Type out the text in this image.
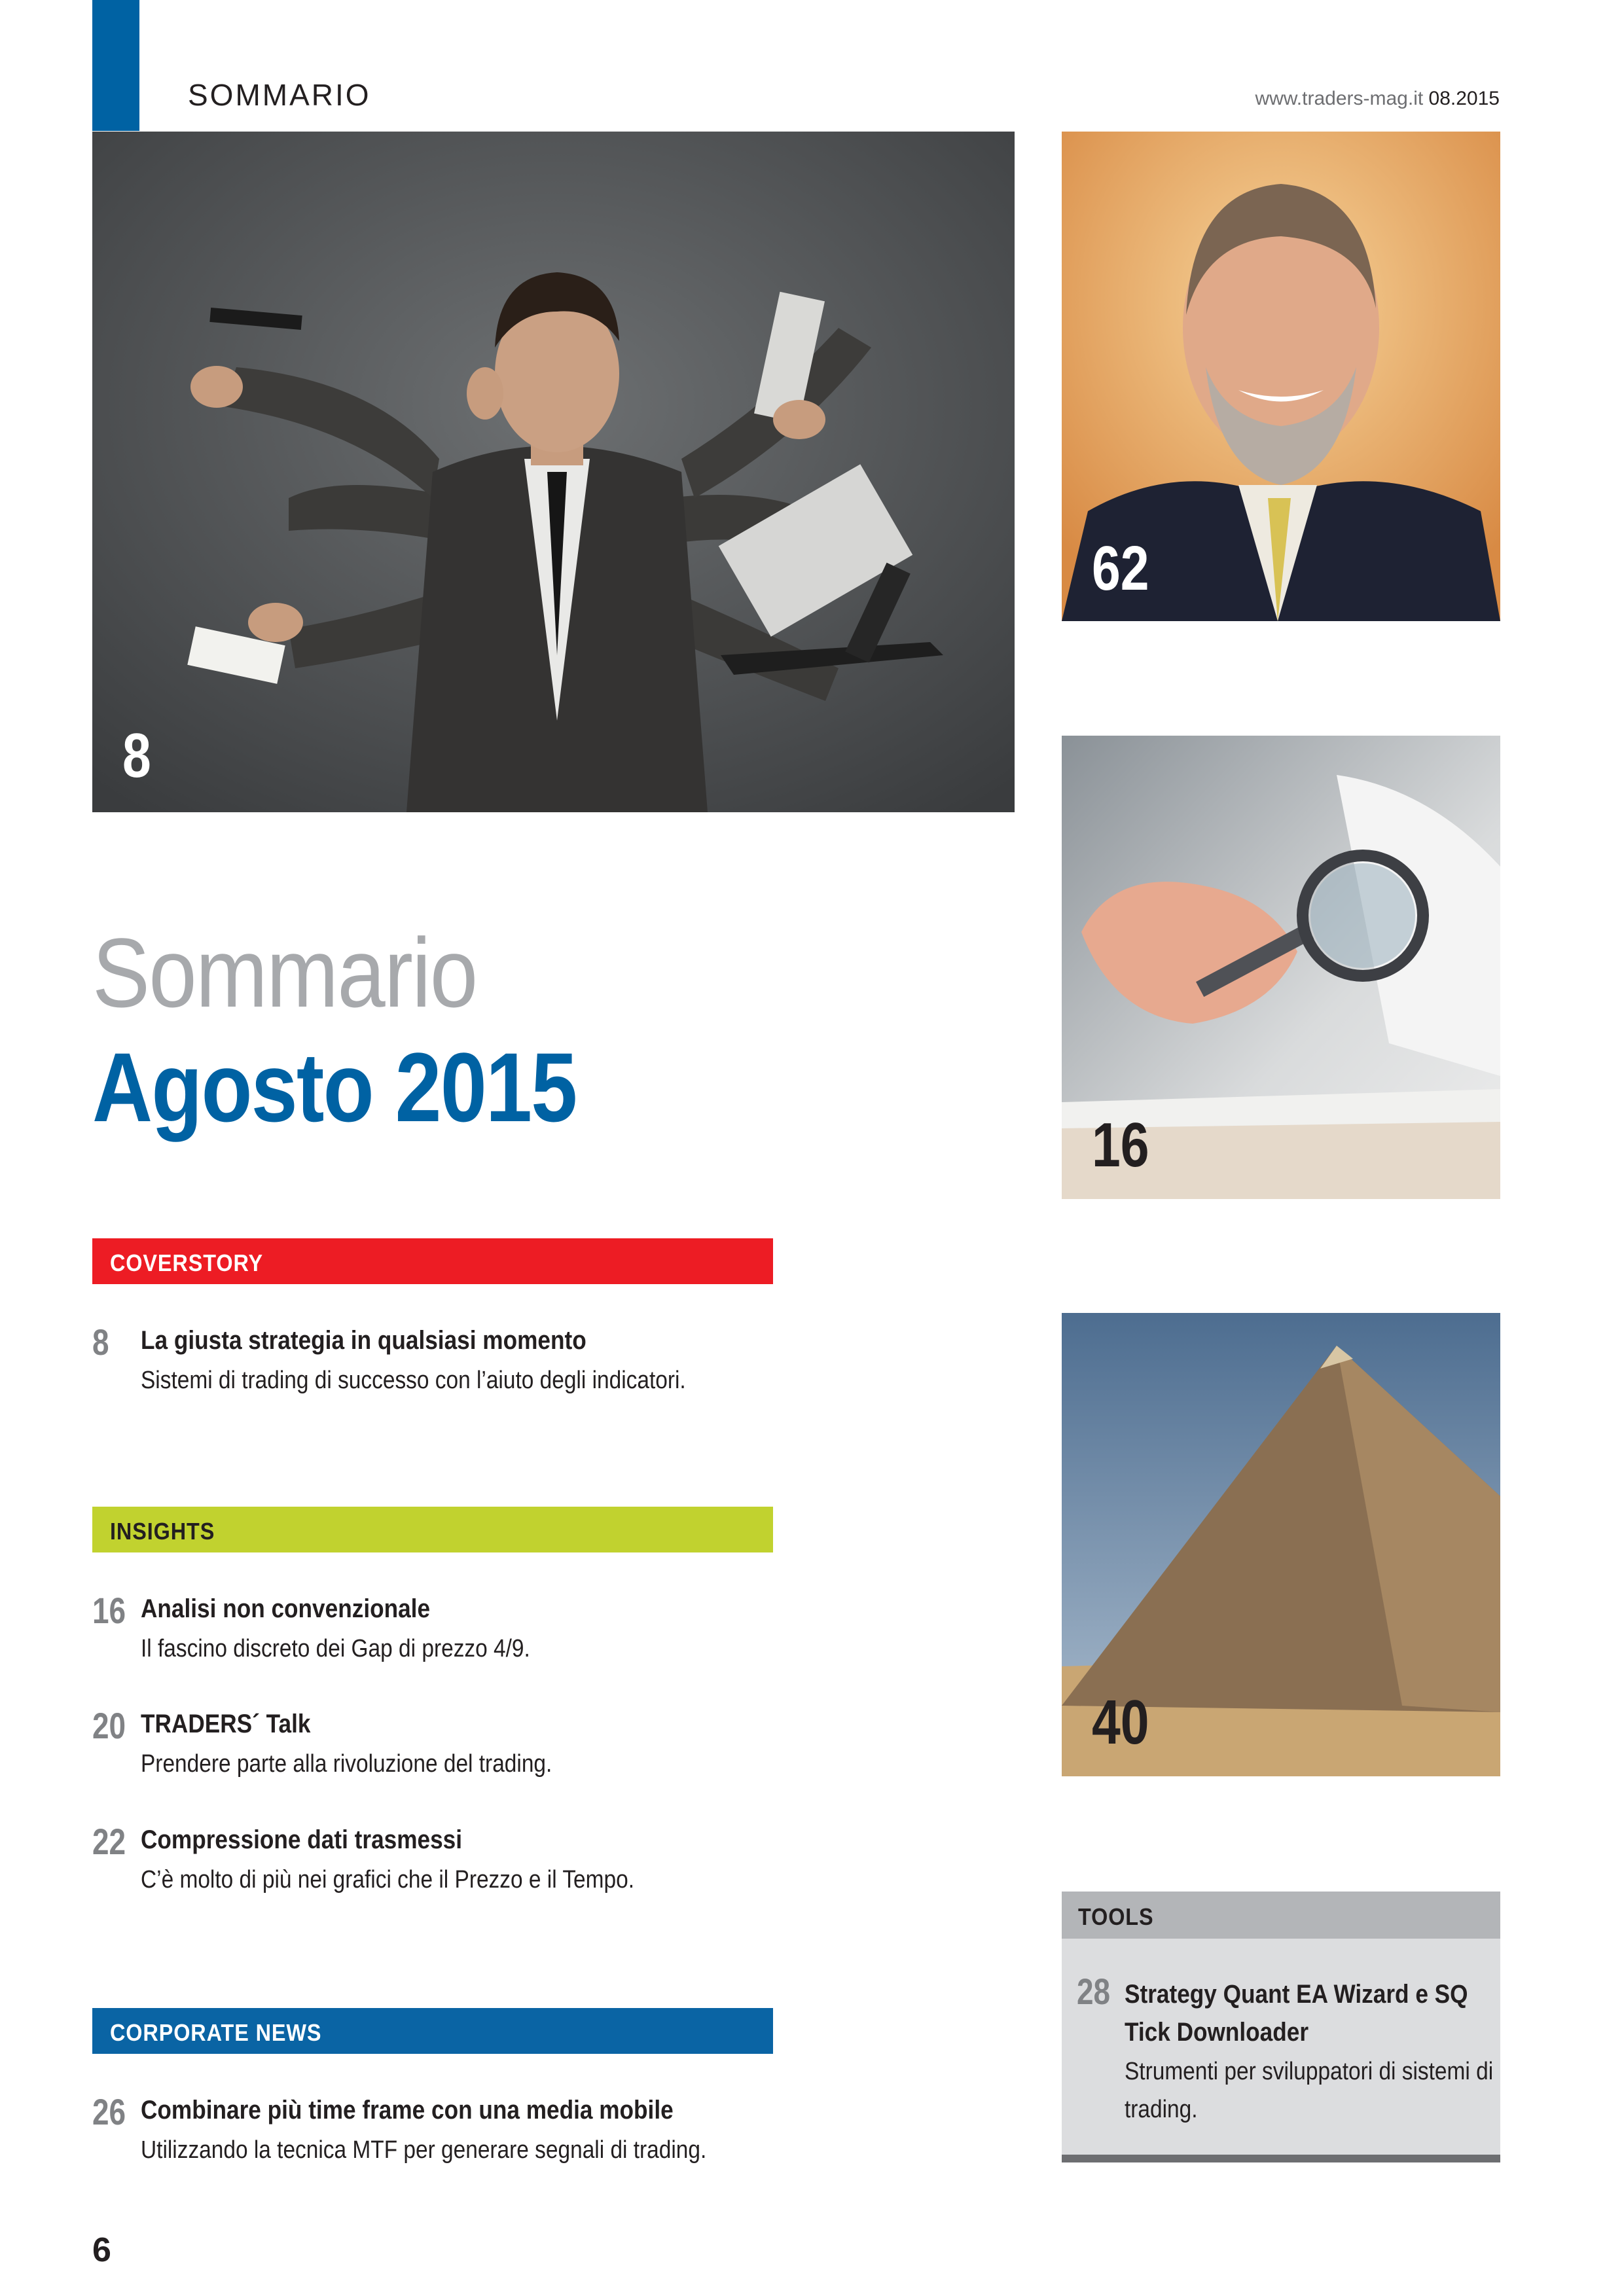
SOMMARIO	www.traders-mag.it 08.2015
8
62
16
40
Sommario
Agosto 2015
COVERSTORY
8 La giusta strategia in qualsiasi momento
Sistemi di trading di successo con l’aiuto degli indicatori.
INSIGHTS
16 Analisi non convenzionale
Il fascino discreto dei Gap di prezzo 4/9.
20 TRADERS´ Talk
Prendere parte alla rivoluzione del trading.
22 Compressione dati trasmessi
C’è molto di più nei grafici che il Prezzo e il Tempo.
CORPORATE NEWS
26 Combinare più time frame con una media mobile
Utilizzando la tecnica MTF per generare segnali di trading.
TOOLS
28 Strategy Quant EA Wizard e SQ Tick Downloader
Strumenti per sviluppatori di sistemi di trading.
6
